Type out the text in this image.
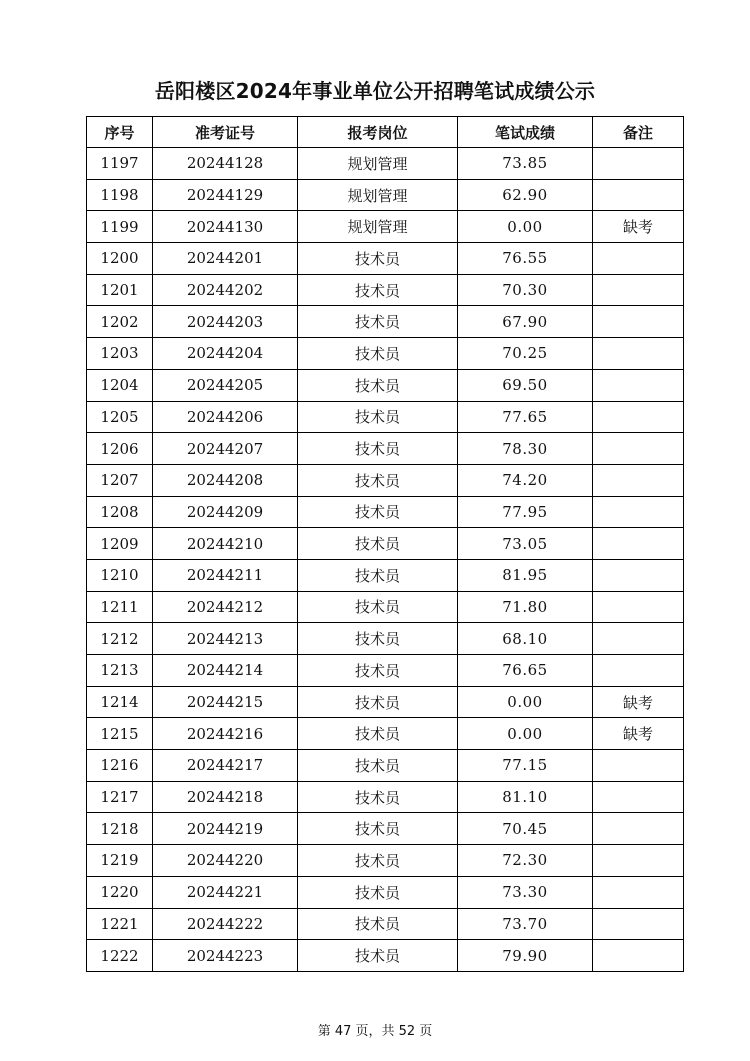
岳阳楼区2024年事业单位公开招聘笔试成绩公示
序号	准考证号	报考岗位	笔试成绩	备注
1197	20244128	规划管理	73.85	
1198	20244129	规划管理	62.90	
1199	20244130	规划管理	0.00	缺考
1200	20244201	技术员	76.55	
1201	20244202	技术员	70.30	
1202	20244203	技术员	67.90	
1203	20244204	技术员	70.25	
1204	20244205	技术员	69.50	
1205	20244206	技术员	77.65	
1206	20244207	技术员	78.30	
1207	20244208	技术员	74.20	
1208	20244209	技术员	77.95	
1209	20244210	技术员	73.05	
1210	20244211	技术员	81.95	
1211	20244212	技术员	71.80	
1212	20244213	技术员	68.10	
1213	20244214	技术员	76.65	
1214	20244215	技术员	0.00	缺考
1215	20244216	技术员	0.00	缺考
1216	20244217	技术员	77.15	
1217	20244218	技术员	81.10	
1218	20244219	技术员	70.45	
1219	20244220	技术员	72.30	
1220	20244221	技术员	73.30	
1221	20244222	技术员	73.70	
1222	20244223	技术员	79.90	
第 47 页，共 52 页
